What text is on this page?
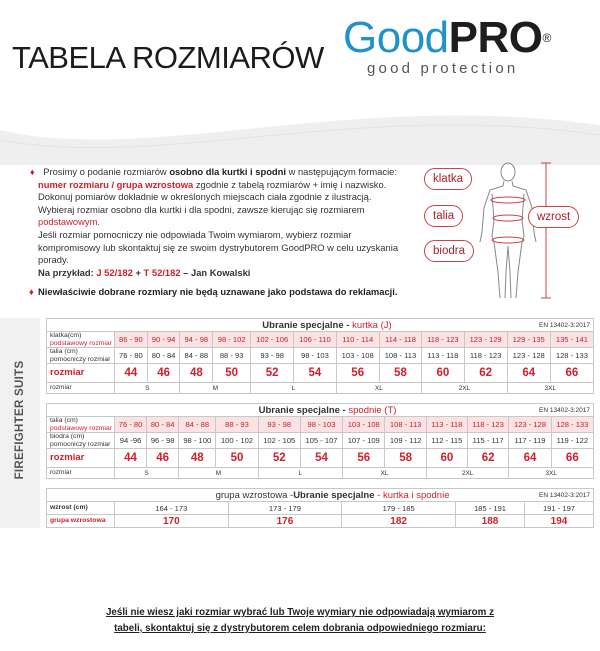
TABELA ROZMIARÓW GoodPRO®
good protection
♦ Prosimy o podanie rozmiarów osobno dla kurtki i spodni w następującym formacie:
numer rozmiaru / grupa wzrostowa zgodnie z tabelą rozmiarów + imię i nazwisko.
Dokonuj pomiarów dokładnie w określonych miejscach ciała zgodnie z ilustracją.
Wybieraj rozmiar osobno dla kurtki i dla spodni, zawsze kierując się rozmiarem
podstawowym.
Jeśli rozmiar pomocniczy nie odpowiada Twoim wymiarom, wybierz rozmiar kompromisowy lub skontaktuj się ze swoim dystrybutorem GoodPRO w celu uzyskania porady.
Na przykład: J 52/182 + T 52/182 – Jan Kowalski
♦ Niewłaściwie dobrane rozmiary nie będą uznawane jako podstawa do reklamacji.
klatka
talia
biodra
wzrost
FIREFIGHTER SUITS
Ubranie specjalne - kurtka (J)									EN 13402-3:2017			

klatka(cm)
podstawowy rozmiar	86 - 90	90 - 94	94 - 98	98 - 102	102 - 106	106 - 110	110 - 114	114 - 118	118 - 123	123 - 129	129 - 135	135 - 141

talia (cm)
pomocniczy rozmiar	76 - 80	80 - 84	84 - 88	88 - 93	93 - 98	98 - 103	103 - 108	108 - 113	113 - 118	118 - 123	123 - 128	128 - 133
rozmiar	44	46	48	50	52	54	56	58	60	62	64	66
rozmiar	S		M		L		XL		2XL		3XL	
Ubranie specjalne - spodnie (T)									EN 13402-3:2017			

talia (cm)
podstawowy rozmiar	76 - 80	80 - 84	84 - 88	88 - 93	93 - 98	98 - 103	103 - 108	108 - 113	113 - 118	118 - 123	123 - 128	128 - 133

biodra (cm)
pomocniczy rozmiar	94 -96	96 - 98	98 - 100	100 - 102	102 - 105	105 - 107	107 - 109	109 - 112	112 - 115	115 - 117	117 - 119	119 - 122
rozmiar	44	46	48	50	52	54	56	58	60	62	64	66
rozmiar	S		M		L		XL		2XL		3XL	
grupa wzrostowa -Ubranie specjalne - kurtka i spodnie				EN 13402-3:2017	
wzrost (cm)	164 - 173	173 - 179	179 - 185	185 - 191	191 - 197
grupa wzrostowa	170	176	182	188	194
Jeśli nie wiesz jaki rozmiar wybrać lub Twoje wymiary nie odpowiadają wymiarom z
tabeli, skontaktuj się z dystrybutorem celem dobrania odpowiedniego rozmiaru:
